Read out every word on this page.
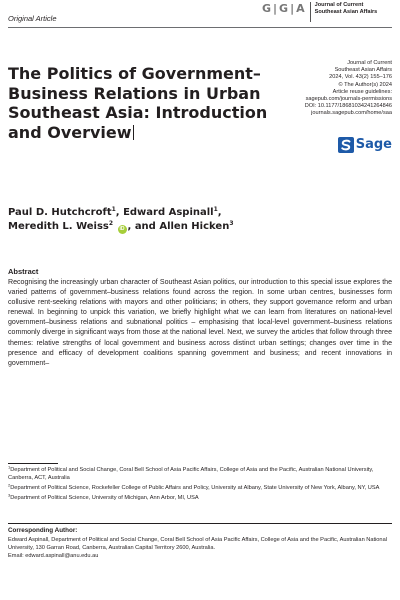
Original Article
G|G|A Journal of Current
Southeast Asian Affairs
The Politics of Government–Business Relations in Urban Southeast Asia: Introduction and Overview
Journal of Current
Southeast Asian Affairs
2024, Vol. 43(2) 155–176
© The Author(s) 2024
Article reuse guidelines:
sagepub.com/journals-permissions
DOI: 10.1177/18681034241264846
journals.sagepub.com/home/saa
Sage
Paul D. Hutchcroft$^1$, Edward Aspinall$^1$,
Meredith L. Weiss$^2$ iD , and Allen Hicken$^3$
Abstract

Recognising the increasingly urban character of Southeast Asian politics, our introduction to this special issue explores the varied patterns of government–business relations found across the region. In some urban centres, businesses form collusive rent-seeking relations with mayors and other politicians; in others, they support governance reform and urban renewal. In beginning to unpick this variation, we briefly highlight what we can learn from literatures on national-level government–business relations and subnational politics – emphasising that local-level government–business relations commonly diverge in significant ways from those at the national level. Next, we survey the articles that follow through three themes: relative strengths of local government and business across distinct urban settings; changes over time in the presence and efficacy of development coalitions spanning government and business; and recent innovations in government–

$^1$Department of Political and Social Change, Coral Bell School of Asia Pacific Affairs, College of Asia and the Pacific, Australian National University, Canberra, ACT, Australia

$^2$Department of Political Science, Rockefeller College of Public Affairs and Policy, University at Albany, State University of New York, Albany, NY, USA

$^3$Department of Political Science, University of Michigan, Ann Arbor, MI, USA

Corresponding Author:
Edward Aspinall, Department of Political and Social Change, Coral Bell School of Asia Pacific Affairs, College of Asia and the Pacific, Australian National University, 130 Garran Road, Canberra, Australian Capital Territory 2600, Australia.
Email: edward.aspinall@anu.edu.au
